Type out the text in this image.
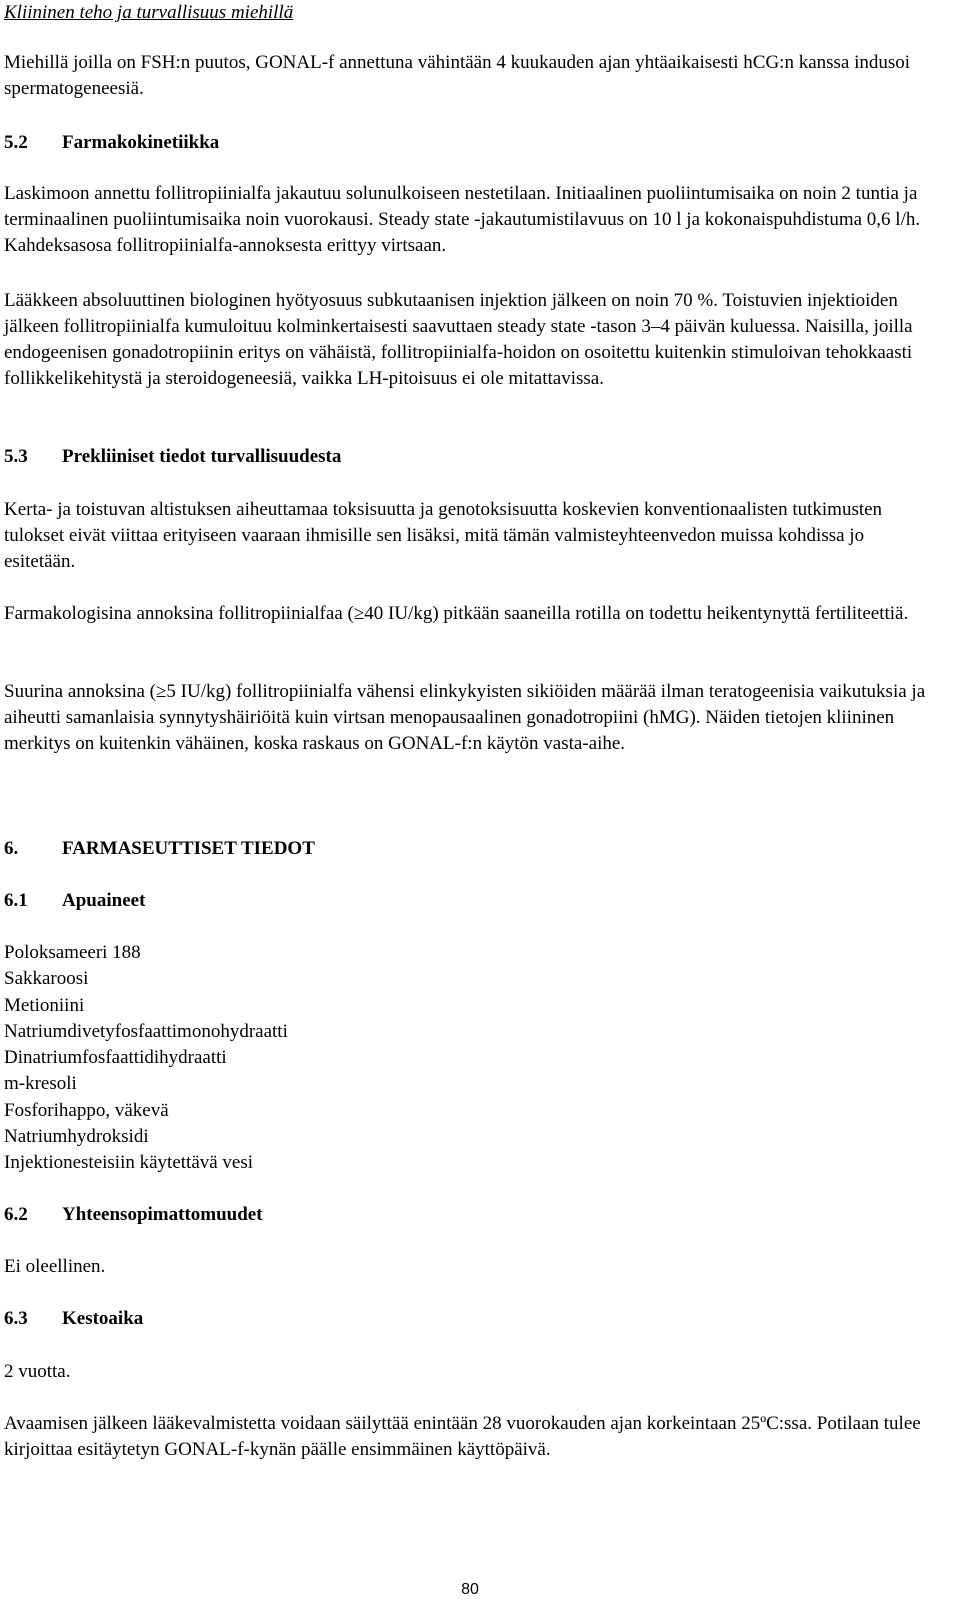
Kliininen teho ja turvallisuus miehillä

Miehillä joilla on FSH:n puutos, GONAL-f annettuna vähintään 4 kuukauden ajan yhtäaikaisesti hCG:n kanssa indusoi spermatogeneesiä.

5.2 Farmakokinetiikka

Laskimoon annettu follitropiinialfa jakautuu solunulkoiseen nestetilaan. Initiaalinen puoliintumisaika on noin 2 tuntia ja terminaalinen puoliintumisaika noin vuorokausi. Steady state -jakautumistilavuus on 10 l ja kokonaispuhdistuma 0,6 l/h. Kahdeksasosa follitropiinialfa-annoksesta erittyy virtsaan.

Lääkkeen absoluuttinen biologinen hyötyosuus subkutaanisen injektion jälkeen on noin 70 %. Toistuvien injektioiden jälkeen follitropiinialfa kumuloituu kolminkertaisesti saavuttaen steady state -tason 3–4 päivän kuluessa. Naisilla, joilla endogeenisen gonadotropiinin eritys on vähäistä, follitropiinialfa-hoidon on osoitettu kuitenkin stimuloivan tehokkaasti follikkelikehitystä ja steroidogeneesiä, vaikka LH-pitoisuus ei ole mitattavissa.

5.3 Prekliiniset tiedot turvallisuudesta

Kerta- ja toistuvan altistuksen aiheuttamaa toksisuutta ja genotoksisuutta koskevien konventionaalisten tutkimusten tulokset eivät viittaa erityiseen vaaraan ihmisille sen lisäksi, mitä tämän valmisteyhteenvedon muissa kohdissa jo esitetään.

Farmakologisina annoksina follitropiinialfaa (≥40 IU/kg) pitkään saaneilla rotilla on todettu heikentynyttä fertiliteettiä.

Suurina annoksina (≥5 IU/kg) follitropiinialfa vähensi elinkykyisten sikiöiden määrää ilman teratogeenisia vaikutuksia ja aiheutti samanlaisia synnytyshäiriöitä kuin virtsan menopausaalinen gonadotropiini (hMG). Näiden tietojen kliininen merkitys on kuitenkin vähäinen, koska raskaus on GONAL-f:n käytön vasta-aihe.

6. FARMASEUTTISET TIEDOT
6.1 Apuaineet
Poloksameeri 188
Sakkaroosi
Metioniini
Natriumdivetyfosfaattimonohydraatti
Dinatriumfosfaattidihydraatti
m-kresoli
Fosforihappo, väkevä
Natriumhydroksidi
Injektionesteisiin käytettävä vesi
6.2 Yhteensopimattomuudet

Ei oleellinen.

6.3 Kestoaika

2 vuotta.

Avaamisen jälkeen lääkevalmistetta voidaan säilyttää enintään 28 vuorokauden ajan korkeintaan 25ºC:ssa. Potilaan tulee kirjoittaa esitäytetyn GONAL-f-kynän päälle ensimmäinen käyttöpäivä.

80
